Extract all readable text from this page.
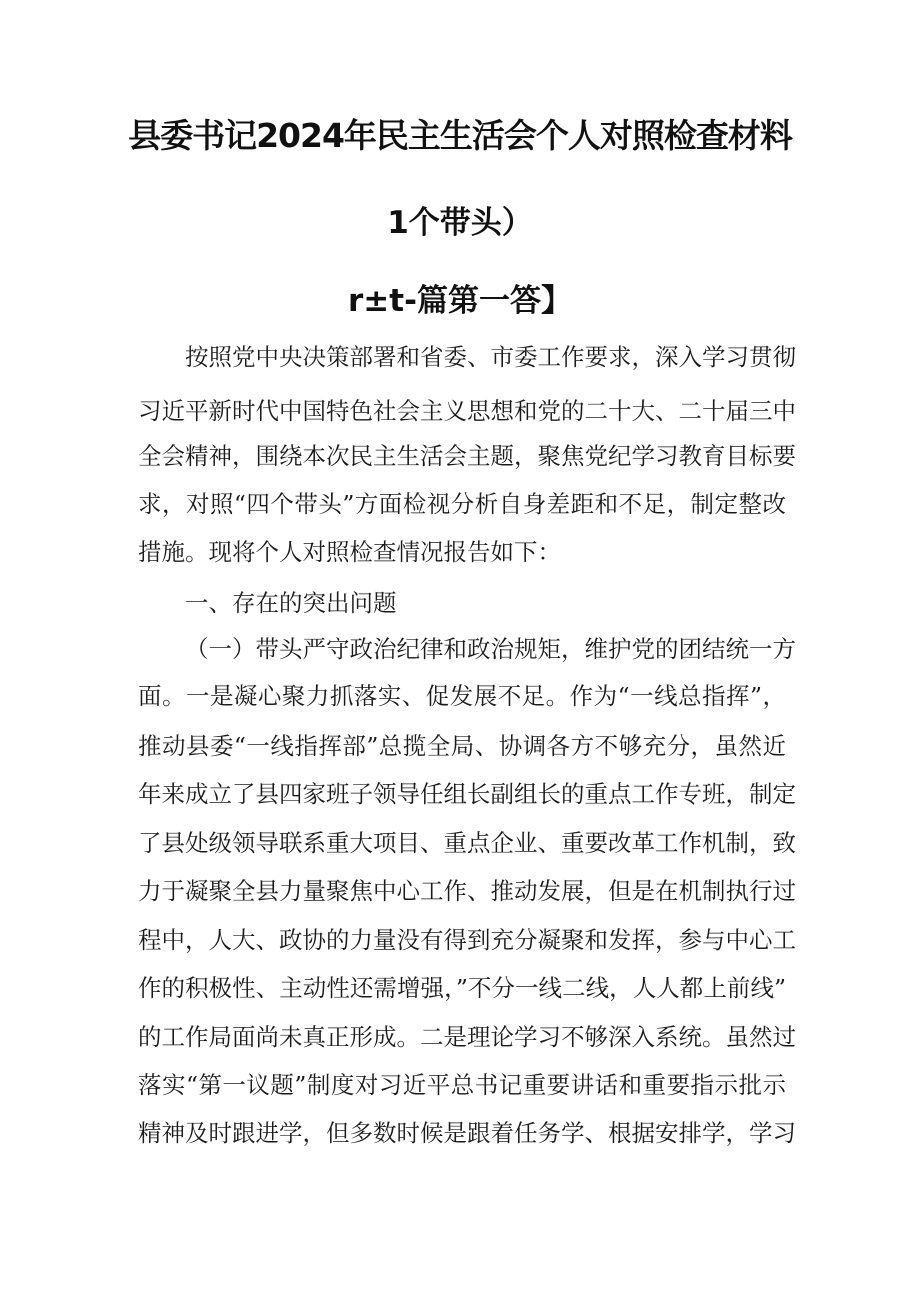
县委书记2024年民主生活会个人对照检查材料
1个带头）
r±t-篇第一答】
按照党中央决策部署和省委、市委工作要求，深入学习贯彻
习近平新时代中国特色社会主义思想和党的二十大、二十届三中
全会精神，围绕本次民主生活会主题，聚焦党纪学习教育目标要
求，对照“四个带头”方面检视分析自身差距和不足，制定整改
措施。现将个人对照检查情况报告如下：
一、存在的突出问题
（一）带头严守政治纪律和政治规矩，维护党的团结统一方
面。一是凝心聚力抓落实、促发展不足。作为“一线总指挥”，
推动县委“一线指挥部”总揽全局、协调各方不够充分，虽然近
年来成立了县四家班子领导任组长副组长的重点工作专班，制定
了县处级领导联系重大项目、重点企业、重要改革工作机制，致
力于凝聚全县力量聚焦中心工作、推动发展，但是在机制执行过
程中，人大、政协的力量没有得到充分凝聚和发挥，参与中心工
作的积极性、主动性还需增强，”不分一线二线，人人都上前线”
的工作局面尚未真正形成。二是理论学习不够深入系统。虽然过
落实“第一议题”制度对习近平总书记重要讲话和重要指示批示
精神及时跟进学，但多数时候是跟着任务学、根据安排学，学习
